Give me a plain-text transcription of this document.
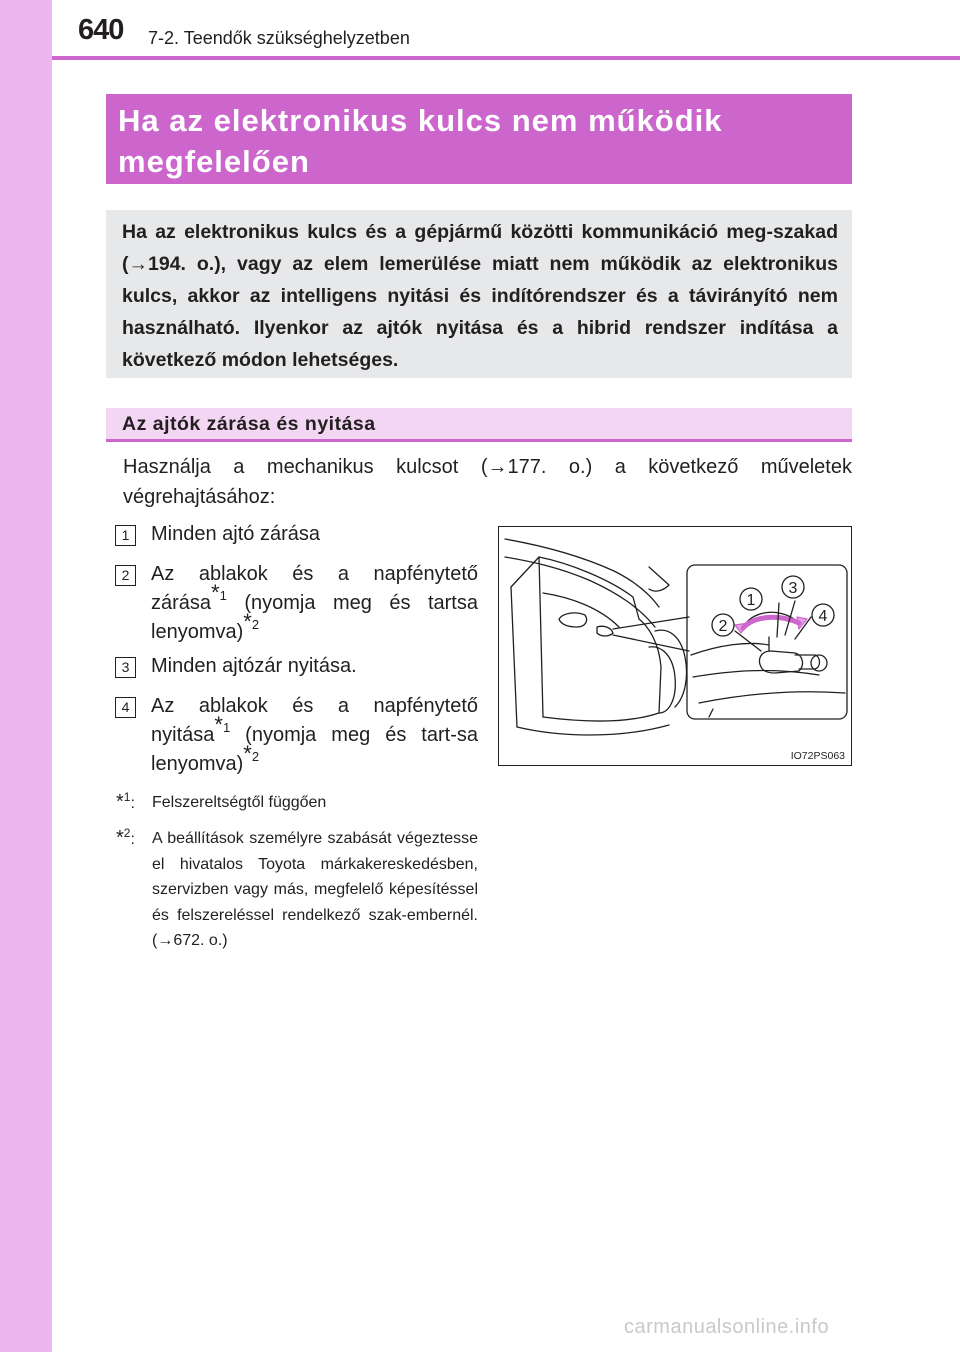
640 7-2. Teendők szükséghelyzetben
Ha az elektronikus kulcs nem működik megfelelően
Ha az elektronikus kulcs és a gépjármű közötti kommunikáció meg-szakad (→194. o.), vagy az elem lemerülése miatt nem működik az elektronikus kulcs, akkor az intelligens nyitási és indítórendszer és a távirányító nem használható. Ilyenkor az ajtók nyitása és a hibrid rendszer indítása a következő módon lehetséges.
Az ajtók zárása és nyitása
Használja a mechanikus kulcsot (→177. o.) a következő műveletek végrehajtásához:
1	Minden ajtó zárása
2	Az ablakok és a napfénytető zárása$^{*1}$ (nyomja meg és tartsa lenyomva)$^{*2}$
3	Minden ajtózár nyitása.
4	Az ablakok és a napfénytető nyitása$^{*1}$ (nyomja meg és tart-sa lenyomva)$^{*2}$
*$^1$: Felszereltségtől függően
*$^2$: A beállítások személyre szabását végeztesse el hivatalos Toyota márkakereskedésben, szervizben vagy más, megfelelő képesítéssel és felszereléssel rendelkező szak-embernél. (→672. o.)
1
2
3
4
IO72PS063
carmanualsonline.info
